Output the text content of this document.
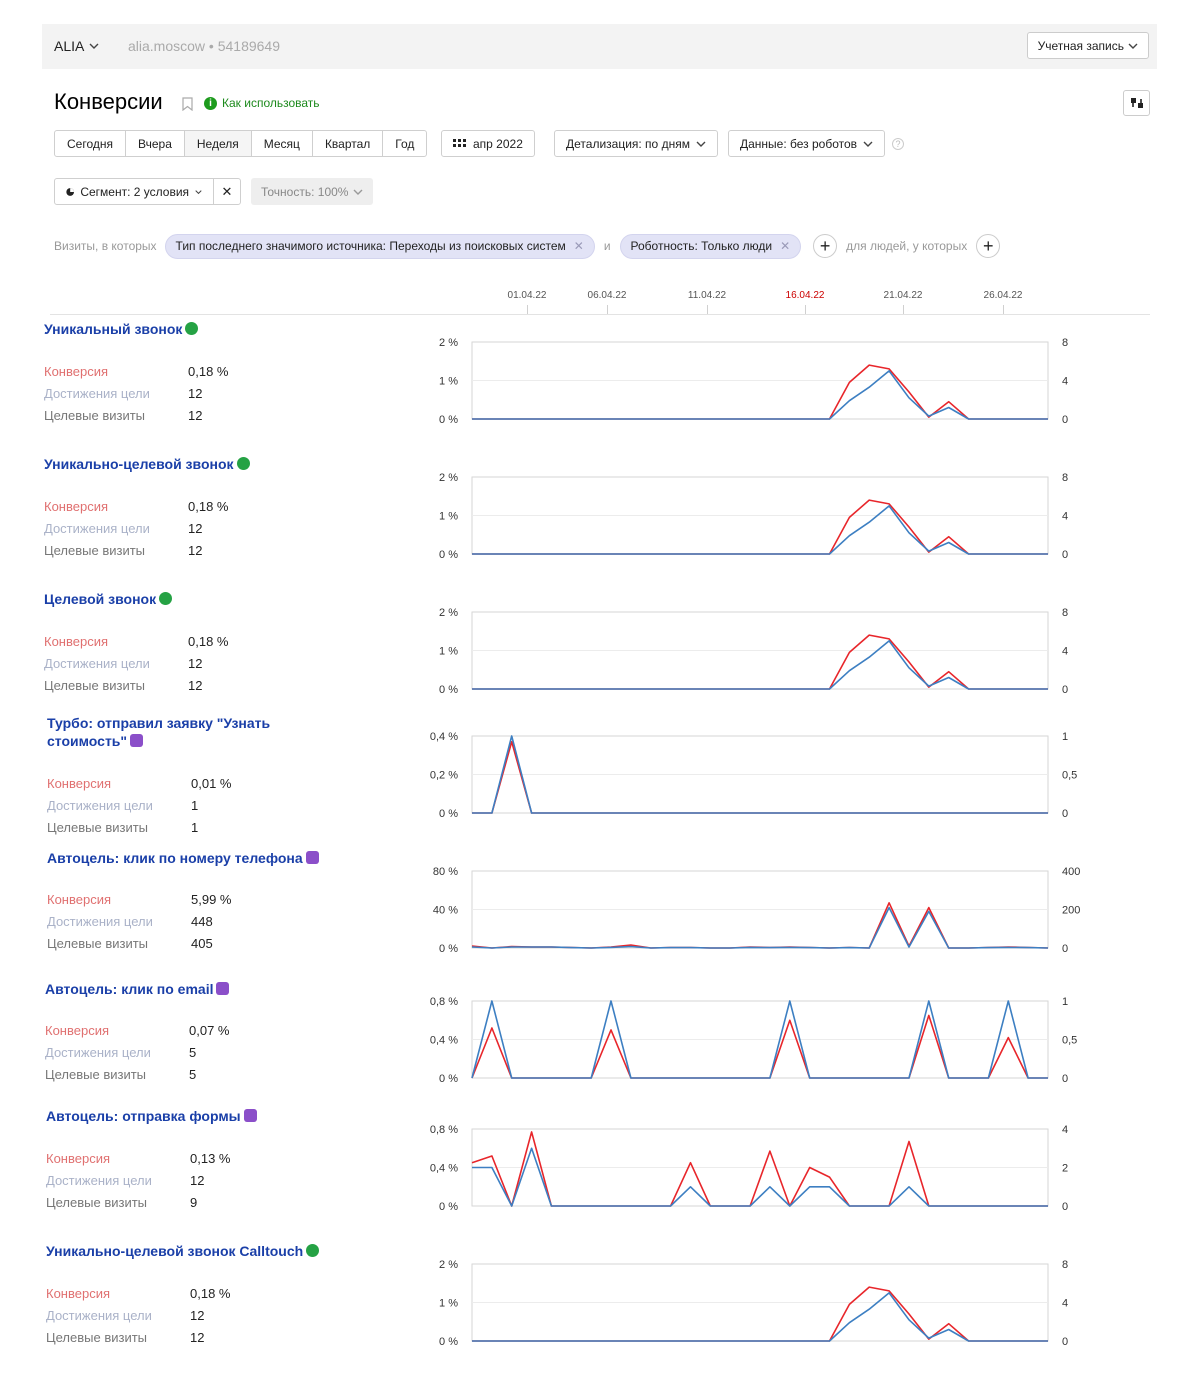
ALIA	alia.moscow • 54189649	Учетная запись
Конверсии	i Как использовать
Сегодня	Вчера	Неделя	Месяц	Квартал	Год	апр 2022	Детализация: по дням	Данные: без роботов	?
Сегмент: 2 условия	✕	Точность: 100%
Визиты, в которых Тип последнего значимого источника: Переходы из поисковых систем ✕ и Роботность: Только люди ✕	+	для людей, у которых +
01.04.22	06.04.22	11.04.22	16.04.22	21.04.22	26.04.22
Уникальный звонок
Конверсия	0,18 %
Достижения цели	12
Целевые визиты	12
2 %	8
1 %	4
0 %	0
Уникально-целевой звонок
Конверсия	0,18 %
Достижения цели	12
Целевые визиты	12
2 %	8
1 %	4
0 %	0
Целевой звонок
Конверсия	0,18 %
Достижения цели	12
Целевые визиты	12
2 %	8
1 %	4
0 %	0
Турбо: отправил заявку "Узнать стоимость"
Конверсия	0,01 %
Достижения цели	1
Целевые визиты	1
0,4 %	1
0,2 %	0,5
0 %	0
Автоцель: клик по номеру телефона
Конверсия	5,99 %
Достижения цели	448
Целевые визиты	405
80 %	400
40 %	200
0 %	0
Автоцель: клик по email
Конверсия	0,07 %
Достижения цели	5
Целевые визиты	5
0,8 %	1
0,4 %	0,5
0 %	0
Автоцель: отправка формы
Конверсия	0,13 %
Достижения цели	12
Целевые визиты	9
0,8 %	4
0,4 %	2
0 %	0
Уникально-целевой звонок Calltouch
Конверсия	0,18 %
Достижения цели	12
Целевые визиты	12
2 %	8
1 %	4
0 %	0
